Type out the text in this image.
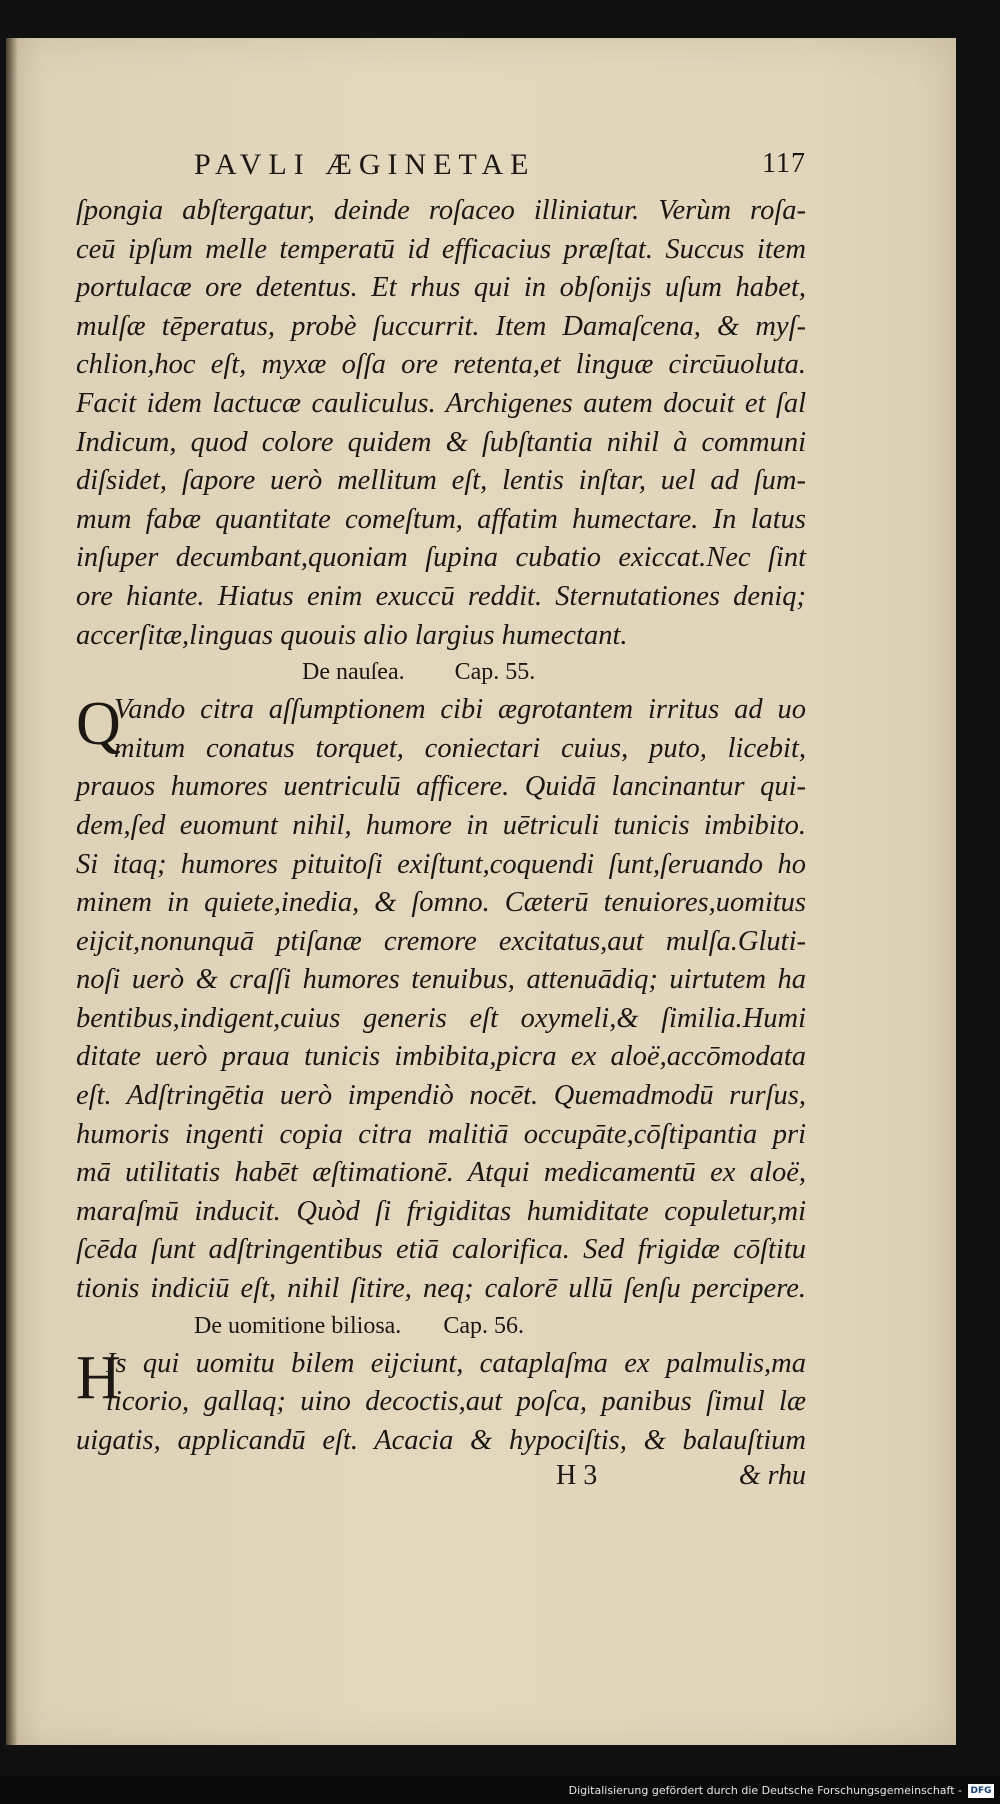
PAVLI ÆGINETAE	117
ſpongia abſtergatur, deinde roſaceo illiniatur. Verùm roſa-
ceū ipſum melle temperatū id efficacius præſtat. Succus item
portulacæ ore detentus. Et rhus qui in obſonijs uſum habet,
mulſæ tēperatus, probè ſuccurrit. Item Damaſcena, & myſ-
chlion,hoc eſt, myxæ oſſa ore retenta,et linguæ circūuoluta.
Facit idem lactucæ cauliculus. Archigenes autem docuit et ſal
Indicum, quod colore quidem & ſubſtantia nihil à communi
diſsidet, ſapore uerò mellitum eſt, lentis inſtar, uel ad ſum-
mum fabæ quantitate comeſtum, affatim humectare. In latus
inſuper decumbant,quoniam ſupina cubatio exiccat.Nec ſint
ore hiante. Hiatus enim exuccū reddit. Sternutationes deniq;
accerſitæ,linguas quouis alio largius humectant.
De nauſea. Cap. 55.
Q
Vando citra aſſumptionem cibi ægrotantem irritus ad uo
mitum conatus torquet, coniectari cuius, puto, licebit,
prauos humores uentriculū afficere. Quidā lancinantur qui-
dem,ſed euomunt nihil, humore in uētriculi tunicis imbibito.
Si itaq; humores pituitoſi exiſtunt,coquendi ſunt,ſeruando ho
minem in quiete,inedia, & ſomno. Cæterū tenuiores,uomitus
eijcit,nonunquā ptiſanæ cremore excitatus,aut mulſa.Gluti-
noſi uerò & craſſi humores tenuibus, attenuādiq; uirtutem ha
bentibus,indigent,cuius generis eſt oxymeli,& ſimilia.Humi
ditate uerò praua tunicis imbibita,picra ex aloë,accōmodata
eſt. Adſtringētia uerò impendiò nocēt. Quemadmodū rurſus,
humoris ingenti copia citra malitiā occupāte,cōſtipantia pri
mā utilitatis habēt æſtimationē. Atqui medicamentū ex aloë,
maraſmū inducit. Quòd ſi frigiditas humiditate copuletur,mi
ſcēda ſunt adſtringentibus etiā calorifica. Sed frigidæ cōſtitu
tionis indiciū eſt, nihil ſitire, neq; calorē ullū ſenſu percipere.
De uomitione biliosa. Cap. 56.
H
Is qui uomitu bilem eijciunt, cataplaſma ex palmulis,ma
licorio, gallaq; uino decoctis,aut poſca, panibus ſimul læ
uigatis, applicandū eſt. Acacia & hypociſtis, & balauſtium
H 3	& rhu
Digitalisierung gefördert durch die Deutsche Forschungsgemeinschaft - DFG
